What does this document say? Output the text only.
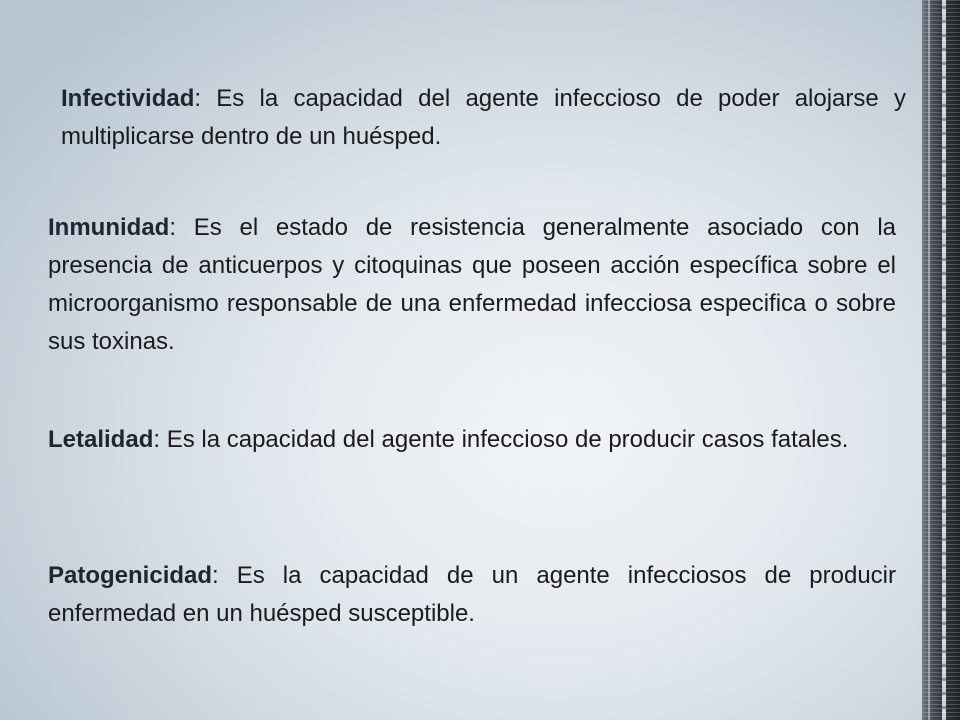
Infectividad: Es la capacidad del agente infeccioso de poder alojarse y multiplicarse dentro de un huésped.

Inmunidad: Es el estado de resistencia generalmente asociado con la presencia de anticuerpos y citoquinas que poseen acción específica sobre el microorganismo responsable de una enfermedad infecciosa especifica o sobre sus toxinas.

Letalidad: Es la capacidad del agente infeccioso de producir casos fatales.

Patogenicidad: Es la capacidad de un agente infecciosos de producir enfermedad en un huésped susceptible.
